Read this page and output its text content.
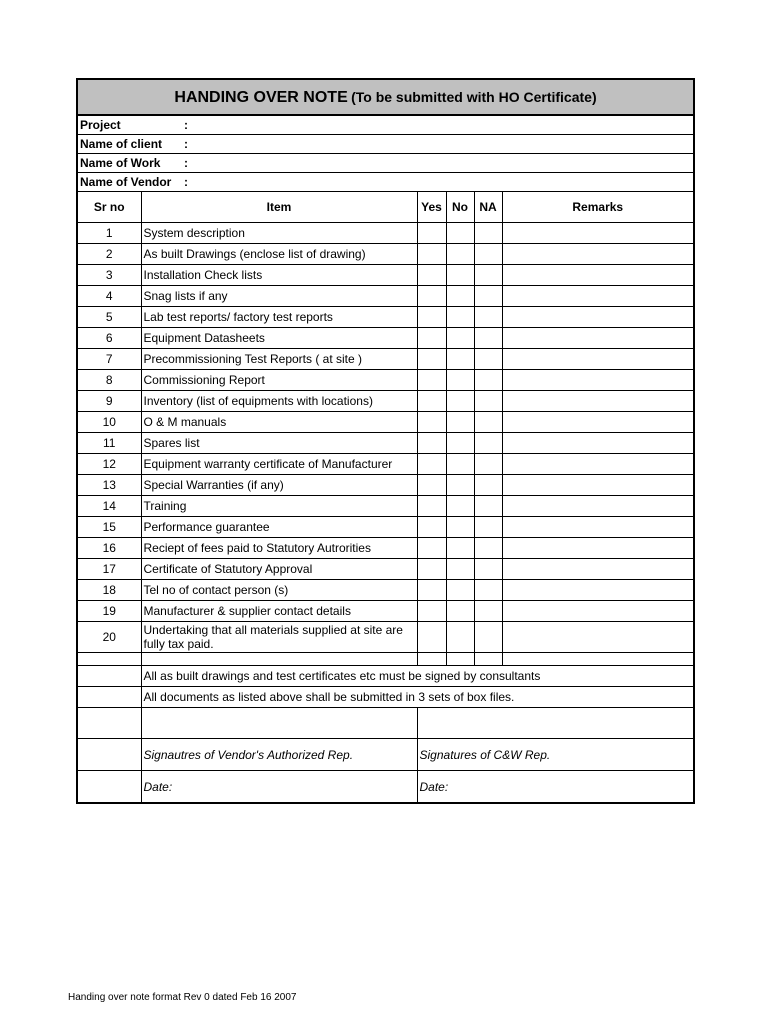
HANDING OVER NOTE (To be submitted with HO Certificate)					
Project :					
Name of client :					
Name of Work :					
Name of Vendor :					
Sr no	Item	Yes	No	NA	Remarks
1	System description				
2	As built Drawings (enclose list of drawing)				
3	Installation Check lists				
4	Snag lists if any				
5	Lab test reports/ factory test reports				
6	Equipment Datasheets				
7	Precommissioning Test Reports ( at site )				
8	Commissioning Report				
9	Inventory (list of equipments with locations)				
10	O & M manuals				
11	Spares list				
12	Equipment warranty certificate of Manufacturer				
13	Special Warranties (if any)				
14	Training				
15	Performance guarantee				
16	Reciept of fees paid to Statutory Autrorities				
17	Certificate of Statutory Approval				
18	Tel no of contact person (s)				
19	Manufacturer & supplier contact details				
20	Undertaking that all materials supplied at site are fully tax paid.				

	All as built drawings and test certificates etc must be signed by consultants				
	All documents as listed above shall be submitted in 3 sets of box files.				

	Signautres of Vendor's Authorized Rep.	Signatures of C&W Rep.			
	Date:	Date:			
Handing over note format Rev 0 dated Feb 16 2007
